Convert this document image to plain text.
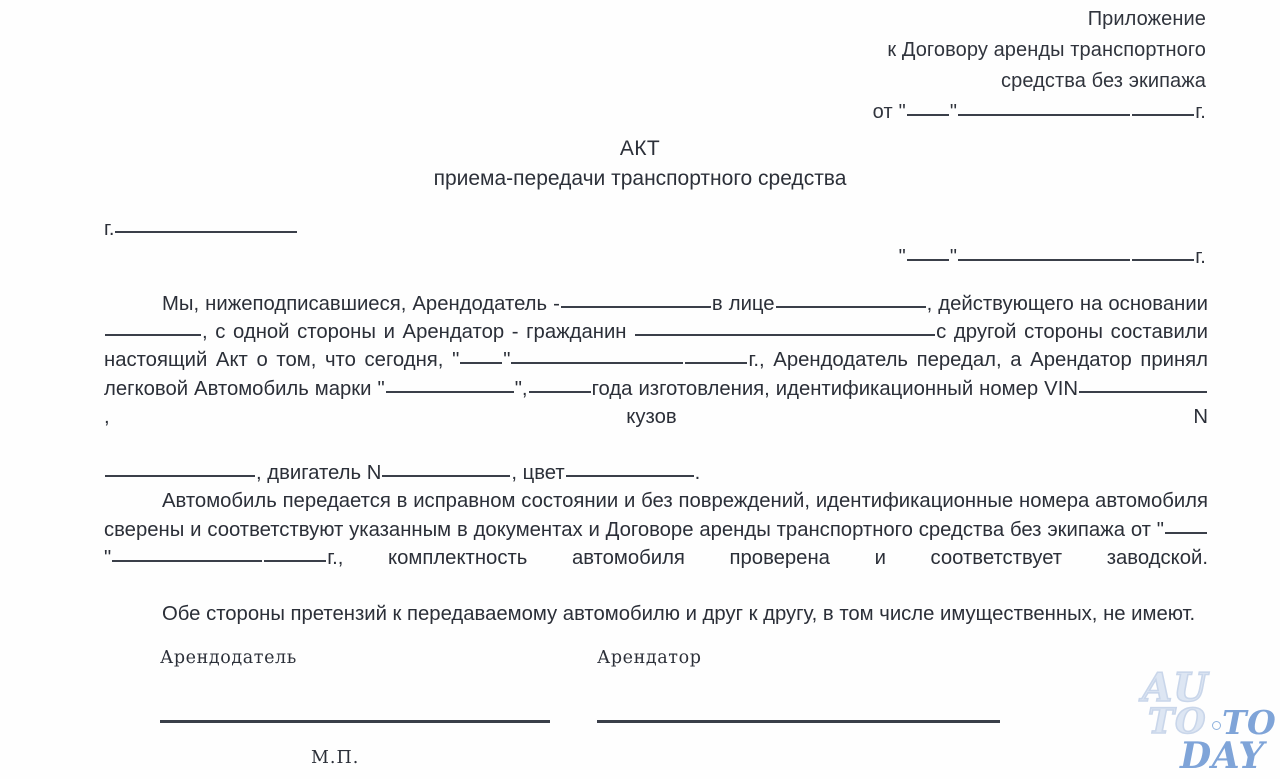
Приложение
к Договору аренды транспортного
средства без экипажа
от " "	г.
АКТ
приема-передачи транспортного средства
г.
" "	г.

Мы, нижеподписавшиеся, Арендодатель -	в лице	, действующего на основании, с одной стороны и Арендатор - гражданин	с другой стороны составили настоящий Акт о том, что сегодня, " "	г., Арендодатель передал, а Арендатор принял легковой Автомобиль марки "	",	года изготовления, идентификационный номер VIN, кузов N
, двигатель N	, цвет	.

Автомобиль передается в исправном состоянии и без повреждений, идентификационные номера автомобиля сверены и соответствуют указанным в документах и Договоре аренды транспортного средства без экипажа от ""	г., комплектность автомобиля проверена и соответствует заводской.

Обе стороны претензий к передаваемому автомобилю и друг к другу, в том числе имущественных, не имеют.

Арендодатель	Арендатор
М.П.
AU
TO TO
DAY
